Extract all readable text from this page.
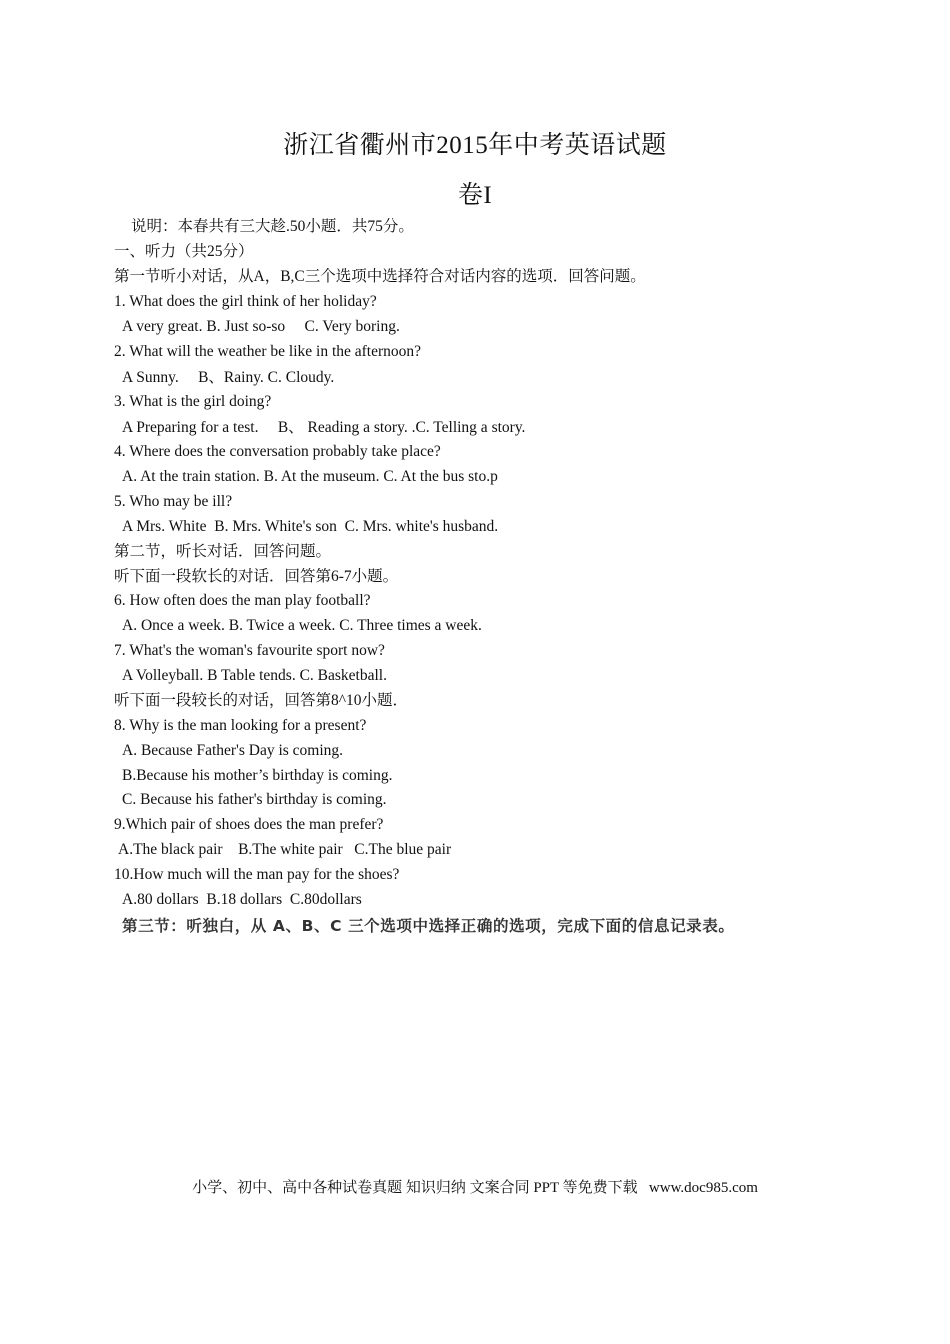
浙江省衢州市2015年中考英语试题
卷I
说明：本春共有三大趁.50小题．共75分。
一、听力（共25分）
第一节听小对话，从A，B,C三个选项中选择符合对话内容的选项．回答问题。
1. What does the girl think of her holiday?
A very great. B. Just so-so     C. Very boring.
2. What will the weather be like in the afternoon?
A Sunny.     B、Rainy. C. Cloudy.
3. What is the girl doing?
A Preparing for a test.     B、 Reading a story. .C. Telling a story.
4. Where does the conversation probably take place?
A. At the train station. B. At the museum. C. At the bus sto.p
5. Who may be ill?
A Mrs. White  B. Mrs. White's son  C. Mrs. white's husband.
第二节，听长对话．回答问题。
听下面一段软长的对话．回答第6-7小题。
6. How often does the man play football?
A. Once a week. B. Twice a week. C. Three times a week.
7. What's the woman's favourite sport now?
A Volleyball. B Table tends. C. Basketball.
听下面一段较长的对话，回答第8^10小题．
8. Why is the man looking for a present?
A. Because Father's Day is coming.
B.Because his mother’s birthday is coming.
C. Because his father's birthday is coming.
9.Which pair of shoes does the man prefer?
A.The black pair    B.The white pair   C.The blue pair
10.How much will the man pay for the shoes?
A.80 dollars  B.18 dollars  C.80dollars
第三节：听独白，从 A、B、C 三个选项中选择正确的选项，完成下面的信息记录表。
小学、初中、高中各种试卷真题 知识归纳 文案合同 PPT 等免费下载   www.doc985.com
